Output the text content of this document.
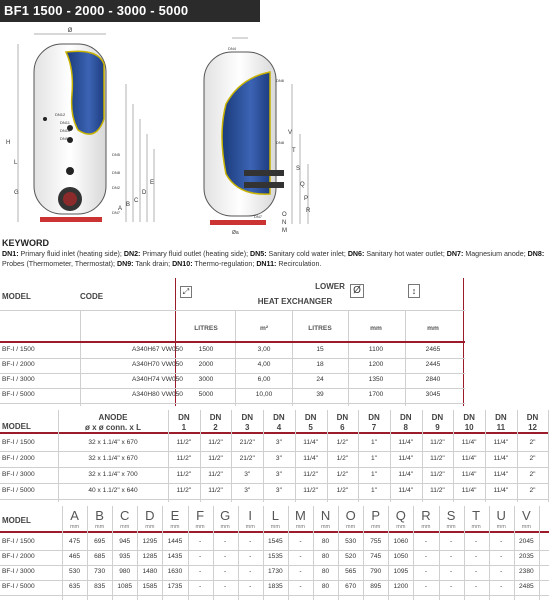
BF1 1500 - 2000 - 3000 - 5000
Ø
H
L
G
A
B
C
D
E
DN12
DN11
DN10
DN9
DN5
DN8
DN2
DN7
DN4
DN6
DN8
DN1
DN7
V
T
S
Q
P
R
O
N
M
Øa
KEYWORD
DN1: Primary fluid inlet (heating side); DN2: Primary fluid outlet (heating side); DN5: Sanitary cold water inlet; DN6: Sanitary hot water outlet; DN7: Magnesium anode; DN8: Probes (Thermometer, Thermostat); DN9: Tank drain; DN10: Thermo-regulation; DN11: Recirculation.
MODEL	CODE
LOWER
HEAT EXCHANGER
⤢	Ø	↕
LITRES	m²	LITRES	mm	mm
BF-I / 1500	A340H67 VW050	1500	3,00	15	1100	2465
BF-I / 2000	A340H70 VW050	2000	4,00	18	1200	2445
BF-I / 3000	A340H74 VW050	3000	6,00	24	1350	2840
BF-I / 5000	A340H80 VW050	5000	10,00	39	1700	3045
MODEL
ANODE
ø x ø conn. x L
DN
1
DN
2
DN
3
DN
4
DN
5
DN
6
DN
7
DN
8
DN
9
DN
10
DN
11
DN
12
BF-I / 1500	32 x 1.1/4" x 670	11/2"	11/2"	21/2"	3"	11/4"	1/2"	1"	11/4"	11/2"	11/4"	11/4"	2"
BF-I / 2000	32 x 1.1/4" x 670	11/2"	11/2"	21/2"	3"	11/4"	1/2"	1"	11/4"	11/2"	11/4"	11/4"	2"
BF-I / 3000	32 x 1.1/4" x 700	11/2"	11/2"	3"	3"	11/2"	1/2"	1"	11/4"	11/2"	11/4"	11/4"	2"
BF-I / 5000	40 x 1.1/2" x 640	11/2"	11/2"	3"	3"	11/2"	1/2"	1"	11/4"	11/2"	11/4"	11/4"	2"
MODEL	A
mm
B
mm
C
mm
D
mm
E
mm
F
mm
G
mm
I
mm
L
mm
M
mm
N
mm
O
mm
P
mm
Q
mm
R
mm
S
mm
T
mm
U
mm
V
mm
BF-I / 1500	475	695	945	1295	1445	-	-	-	1545	-	80	530	755	1060	-	-	-	-	2045
BF-I / 2000	465	685	935	1285	1435	-	-	-	1535	-	80	520	745	1050	-	-	-	-	2035
BF-I / 3000	530	730	980	1480	1630	-	-	-	1730	-	80	565	790	1095	-	-	-	-	2380
BF-I / 5000	635	835	1085	1585	1735	-	-	-	1835	-	80	670	895	1200	-	-	-	-	2485
